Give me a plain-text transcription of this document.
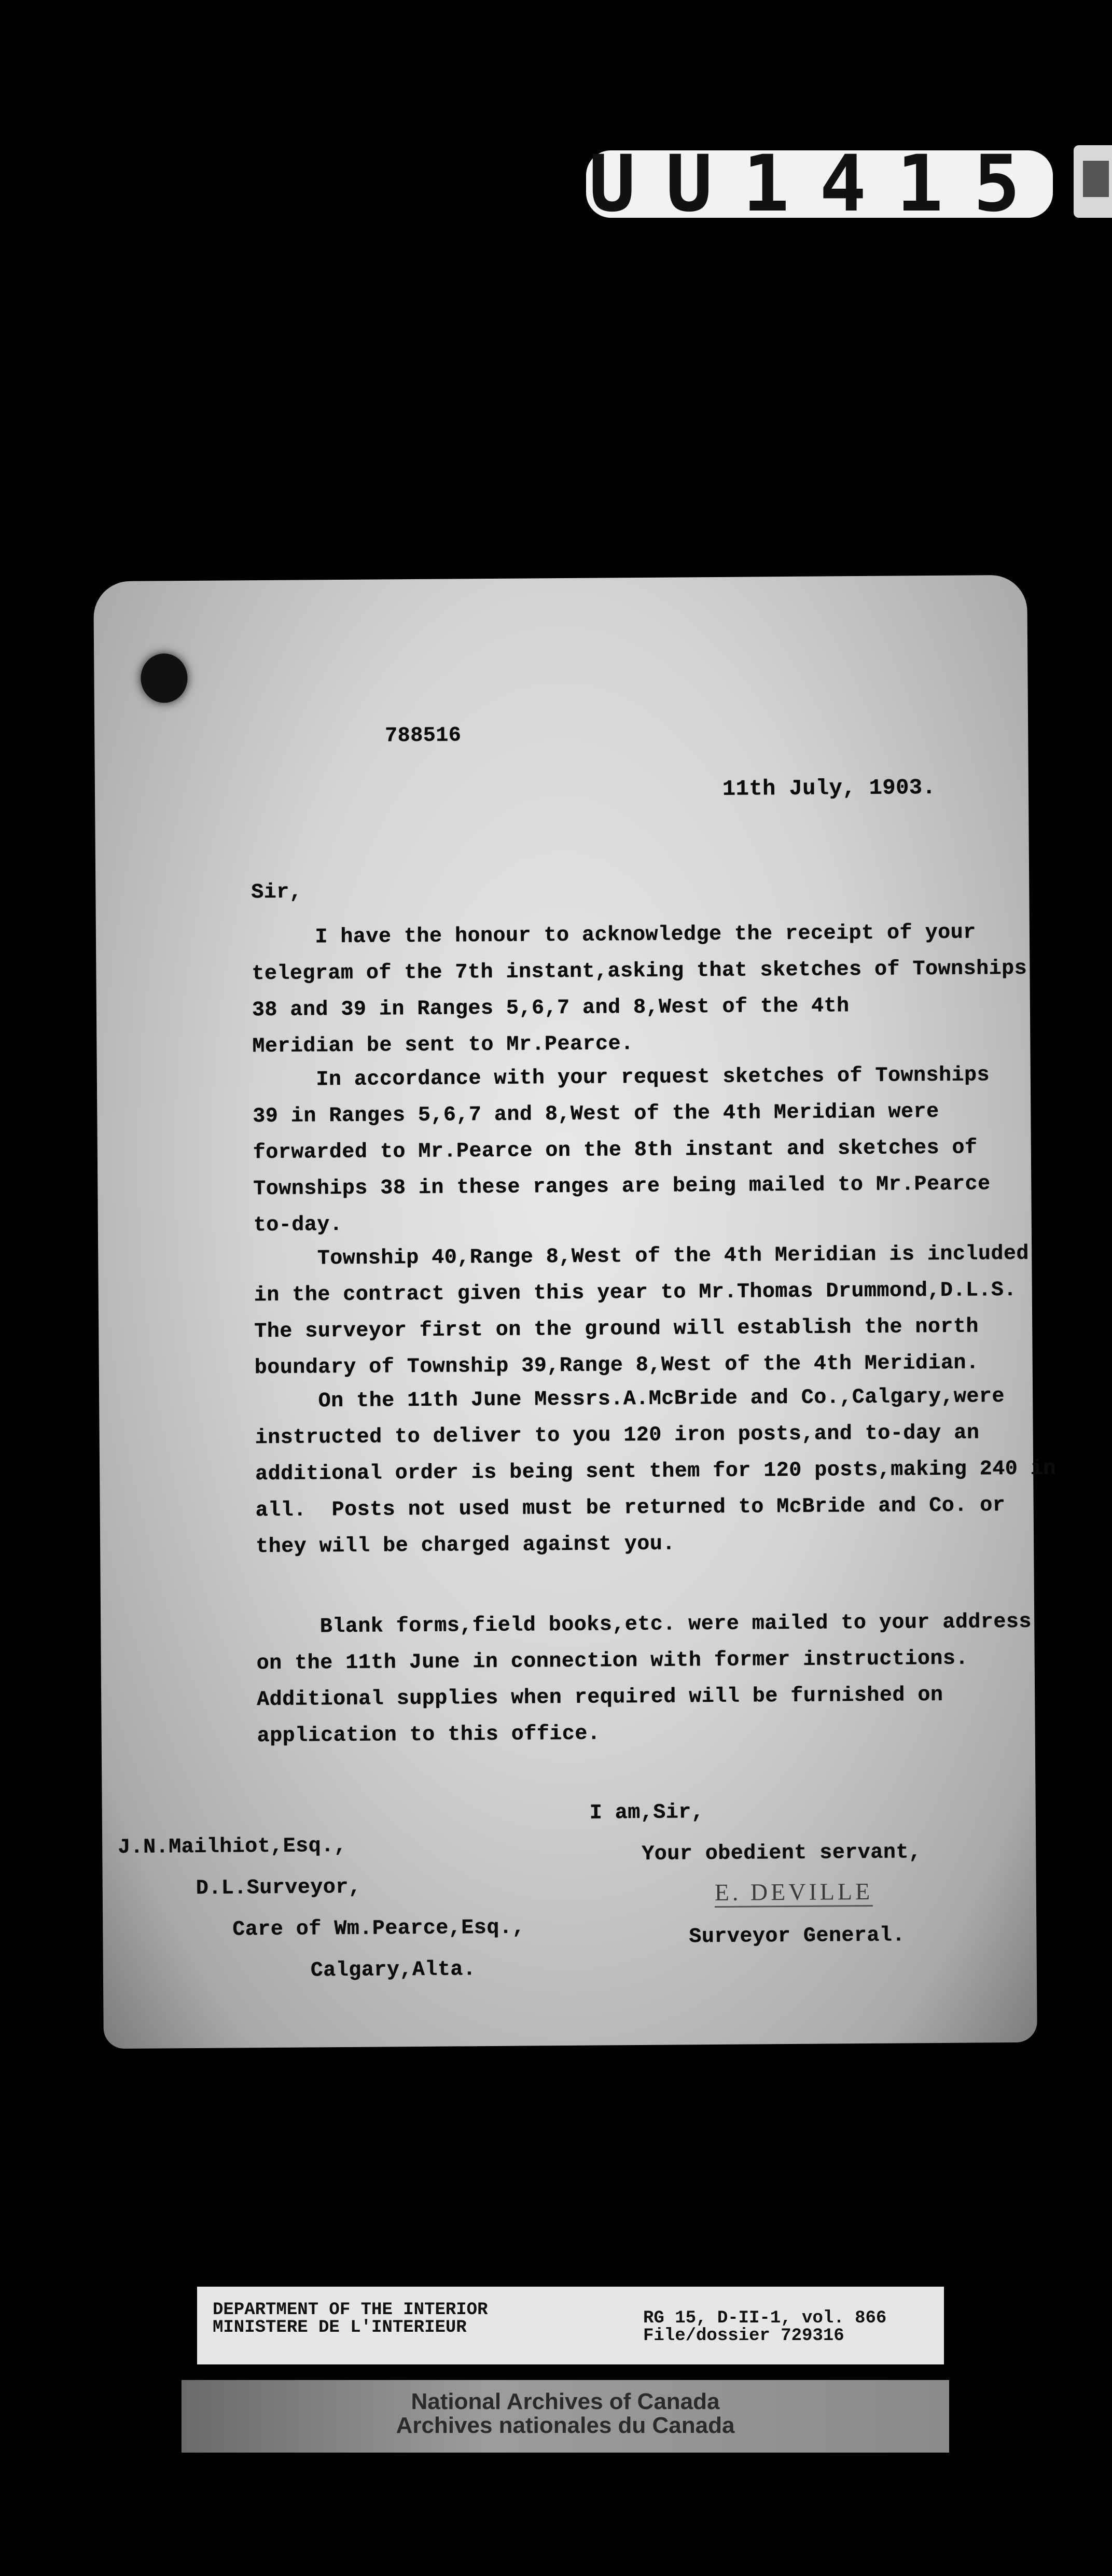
UU1415
788516
11th July, 1903.
Sir,
I have the honour to acknowledge the receipt of your
telegram of the 7th instant,asking that sketches of Townships
38 and 39 in Ranges 5,6,7 and 8,West of the 4th
Meridian be sent to Mr.Pearce.
In accordance with your request sketches of Townships
39 in Ranges 5,6,7 and 8,West of the 4th Meridian were
forwarded to Mr.Pearce on the 8th instant and sketches of
Townships 38 in these ranges are being mailed to Mr.Pearce
to-day.
Township 40,Range 8,West of the 4th Meridian is included
in the contract given this year to Mr.Thomas Drummond,D.L.S.
The surveyor first on the ground will establish the north
boundary of Township 39,Range 8,West of the 4th Meridian.
On the 11th June Messrs.A.McBride and Co.,Calgary,were
instructed to deliver to you 120 iron posts,and to-day an
additional order is being sent them for 120 posts,making 240 in
all.  Posts not used must be returned to McBride and Co. or
they will be charged against you.
Blank forms,field books,etc. were mailed to your address
on the 11th June in connection with former instructions.
Additional supplies when required will be furnished on
application to this office.
I am,Sir,
Your obedient servant,
E. DEVILLE
Surveyor General.
J.N.Mailhiot,Esq.,
D.L.Surveyor,
Care of Wm.Pearce,Esq.,
Calgary,Alta.
DEPARTMENT OF THE INTERIOR
MINISTERE DE L'INTERIEUR	RG 15, D-II-1, vol. 866
File/dossier 729316
National Archives of Canada
Archives nationales du Canada
